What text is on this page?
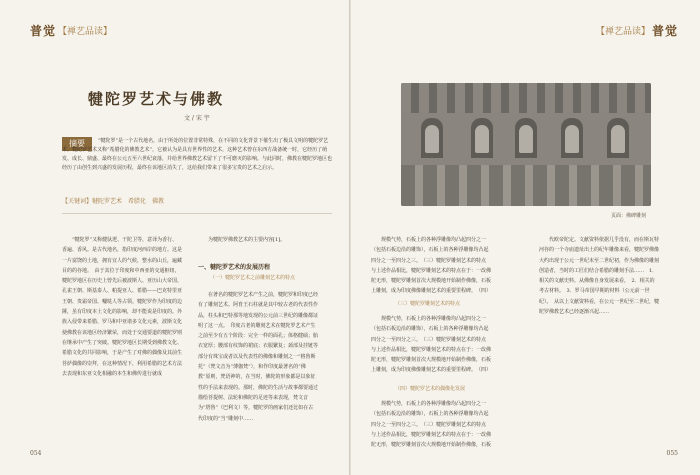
普觉 【禅艺品读】
犍陀罗艺术与佛教
文 / 宋 宇
摘要	“犍陀罗”是一个古代地名，由于所处的位置非常特殊，在不同的文化背景下催生出了极具文明的犍陀罗艺术。犍陀罗艺术又称“希腊化的佛教艺术”，它被认为是具有世界性的艺术，这种艺术曾在东西方战备统一时，它经历了萌发、成长、鼎盛、最终在公元五至六世纪衰落，并给世界佛教艺术留下了不可磨灭的影响。与此同时，佛教在犍陀罗地区也经历了由创生到兴盛的发展历程，最终在该地区消失了，这给我们带来了很多宝贵的艺术之启示。
【关键词】犍陀罗艺术　希腊化　佛教
“犍陀罗”又称健驮逻、干陀卫等，意译为香行、香遍、香风。是古代地名，指印度河西岸的地方。这是一片富饶的土地，拥有宜人的气候，整水的山丘，遍藏目的的谷地。　由于其位于印度和中西亚的交通枢纽，犍陀罗地区在历史上曾先后被波斯人、亚历山大帝国、孔雀王朝、斯基泰人、帕提亚人、希腊——巴克特里亚王朝、贵霜帝国、嚈哒人等占领。犍陀罗作为印度的边陲，虽有印度本土文化的影响，却不能说是印度的。外族入侵带来希腊、罗马和中亚诸多文化元素，波斯文化使佛教在该地区经济繁荣，而处于交通要道的犍陀罗则在继承中产生了突破。犍陀罗地区长期受到佛教文化、希腊文化的共同影响，于是产生了对佛的偶像及其前生菩萨偶像的崇拜，在这种情况下，利用希腊的艺术方法去表现和东亚文化相融的本生和佛传进行就成
为犍陀罗佛教艺术的主要内容[1]。
一、犍陀罗艺术的发展历程
（一）犍陀罗艺术之前雕刻艺术的特点
在著名的犍陀罗艺术产生之前，犍陀罗和印度已经有了雕刻艺术。阿育王石柱就是其中较古老的代表性作品，柱头和巴特那等地发现的公元前三世纪的雕像都证明了这一点。　印度古老的雕刻艺术在犍陀罗艺术产生之前至少有五个阶段：完全一样的面孔；体格健硕；胎衣宽厚；腰部有纹饰的裙底；衣服繁复；颈部及挂链等部分有珠宝或者以及代表性的佛像和雕刻之一“格鲁斯托”（梵文音为“薄伽梵”），和作印度最著名的“佛教”原则，梵语神的，在当时，佛陀的形象都是以象征性的手法来表现的。那时，佛陀的生活与故事都要通过描绘菩提树、法轮和佛陀的足迹等来表现，梵文音为“塔鲁”（巴利文）等，犍陀罗的画家们还比如在古代印度的“当”雕刻中……
054
【禅艺品读】 普觉
页面：佛碑雕刻
规模气势，石板上的各种浮雕像均凸起四分之一（包括石板边沿的雕饰），石板上的各种浮雕像均凸起四分之一至四分之三。　（三）犍陀罗雕刻艺术的特点　与上述作品相比，犍陀罗雕刻艺术的特点在于：一改佛陀无形，犍陀罗雕刻首次大规模地开始制作佛像，石板上雕刻，成为印度佛像雕刻艺术的重要里程碑。　（四）
（三）犍陀罗雕刻艺术的特点
规模气势，石板上的各种浮雕像均凸起四分之一（包括石板边沿的雕饰），石板上的各种浮雕像均凸起四分之一至四分之三。　（三）犍陀罗雕刻艺术的特点　与上述作品相比，犍陀罗雕刻艺术的特点在于：一改佛陀无形，犍陀罗雕刻首次大规模地开始制作佛像，石板上雕刻，成为印度佛像雕刻艺术的重要里程碑。　（四）
（四）犍陀罗艺术的偶像化发展
规模气势，石板上的各种浮雕像均凸起四分之一（包括石板边沿的雕饰），石板上的各种浮雕像均凸起四分之一至四分之三。　（三）犍陀罗雕刻艺术的特点　与上述作品相比，犍陀罗雕刻艺术的特点在于：一改佛陀无形，犍陀罗雕刻首次大规模地开始制作佛像，石板　
代欧帝陀定。文献资料依据几乎没有，而在斯瓦特河谷的一个寺庙遗址出土的纪年雕像来看，犍陀罗佛像大约出现于公元一世纪末至二世纪初，作为佛像的雕刻创造者，当时的工匠们结合希腊的雕刻手法……　1．相关的文献史料。从佛像自身发展来看，　2．相关的考古材料。　3．罗马帝国早期的材料（公元前一世纪）。　从以上文献资料看，在公元一世纪至二世纪，犍陀罗佛教艺术已经逐渐兴起……
055
